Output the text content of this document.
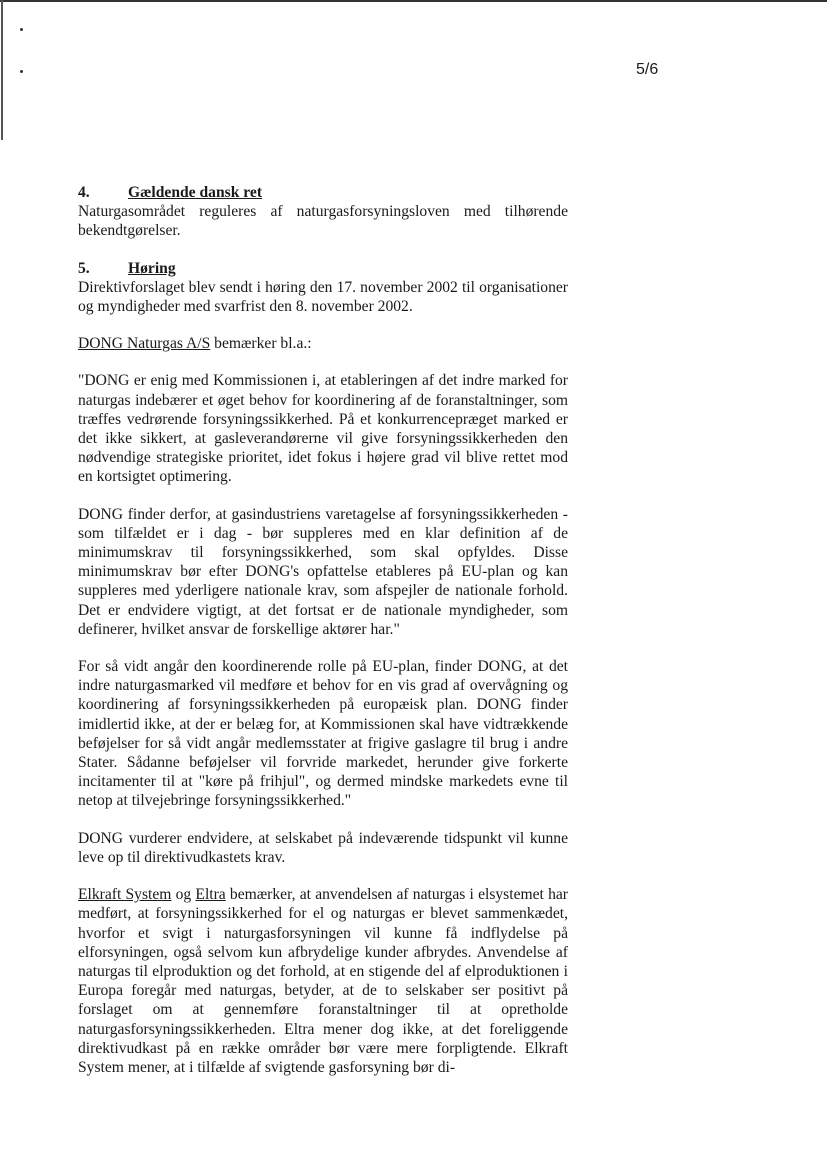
5/6
4. Gældende dansk ret

Naturgasområdet reguleres af naturgasforsyningsloven med tilhørende bekendtgørelser.

5. Høring

Direktivforslaget blev sendt i høring den 17. november 2002 til organisationer og myndigheder med svarfrist den 8. november 2002.

DONG Naturgas A/S bemærker bl.a.:

"DONG er enig med Kommissionen i, at etableringen af det indre marked for naturgas indebærer et øget behov for koordinering af de foranstaltninger, som træffes vedrørende forsyningssikkerhed. På et konkurrencepræget marked er det ikke sikkert, at gasleverandørerne vil give forsyningssikkerheden den nødvendige strategiske prioritet, idet fokus i højere grad vil blive rettet mod en kortsigtet optimering.

DONG finder derfor, at gasindustriens varetagelse af forsyningssikkerheden - som tilfældet er i dag - bør suppleres med en klar definition af de minimumskrav til forsyningssikkerhed, som skal opfyldes. Disse minimumskrav bør efter DONG's opfattelse etableres på EU-plan og kan suppleres med yderligere nationale krav, som afspejler de nationale forhold. Det er endvidere vigtigt, at det fortsat er de nationale myndigheder, som definerer, hvilket ansvar de forskellige aktører har."

For så vidt angår den koordinerende rolle på EU-plan, finder DONG, at det indre naturgasmarked vil medføre et behov for en vis grad af overvågning og koordinering af forsyningssikkerheden på europæisk plan. DONG finder imidlertid ikke, at der er belæg for, at Kommissionen skal have vidtrækkende beføjelser for så vidt angår medlemsstater at frigive gaslagre til brug i andre Stater. Sådanne beføjelser vil forvride markedet, herunder give forkerte incitamenter til at "køre på frihjul", og dermed mindske markedets evne til netop at tilvejebringe forsyningssikkerhed."

DONG vurderer endvidere, at selskabet på indeværende tidspunkt vil kunne leve op til direktivudkastets krav.

Elkraft System og Eltra bemærker, at anvendelsen af naturgas i elsystemet har medført, at forsyningssikkerhed for el og naturgas er blevet sammenkædet, hvorfor et svigt i naturgasforsyningen vil kunne få indflydelse på elforsyningen, også selvom kun afbrydelige kunder afbrydes. Anvendelse af naturgas til elproduktion og det forhold, at en stigende del af elproduktionen i Europa foregår med naturgas, betyder, at de to selskaber ser positivt på forslaget om at gennemføre foranstaltninger til at opretholde naturgasforsyningssikkerheden. Eltra mener dog ikke, at det foreliggende direktivudkast på en række områder bør være mere forpligtende. Elkraft System mener, at i tilfælde af svigtende gasforsyning bør di-
